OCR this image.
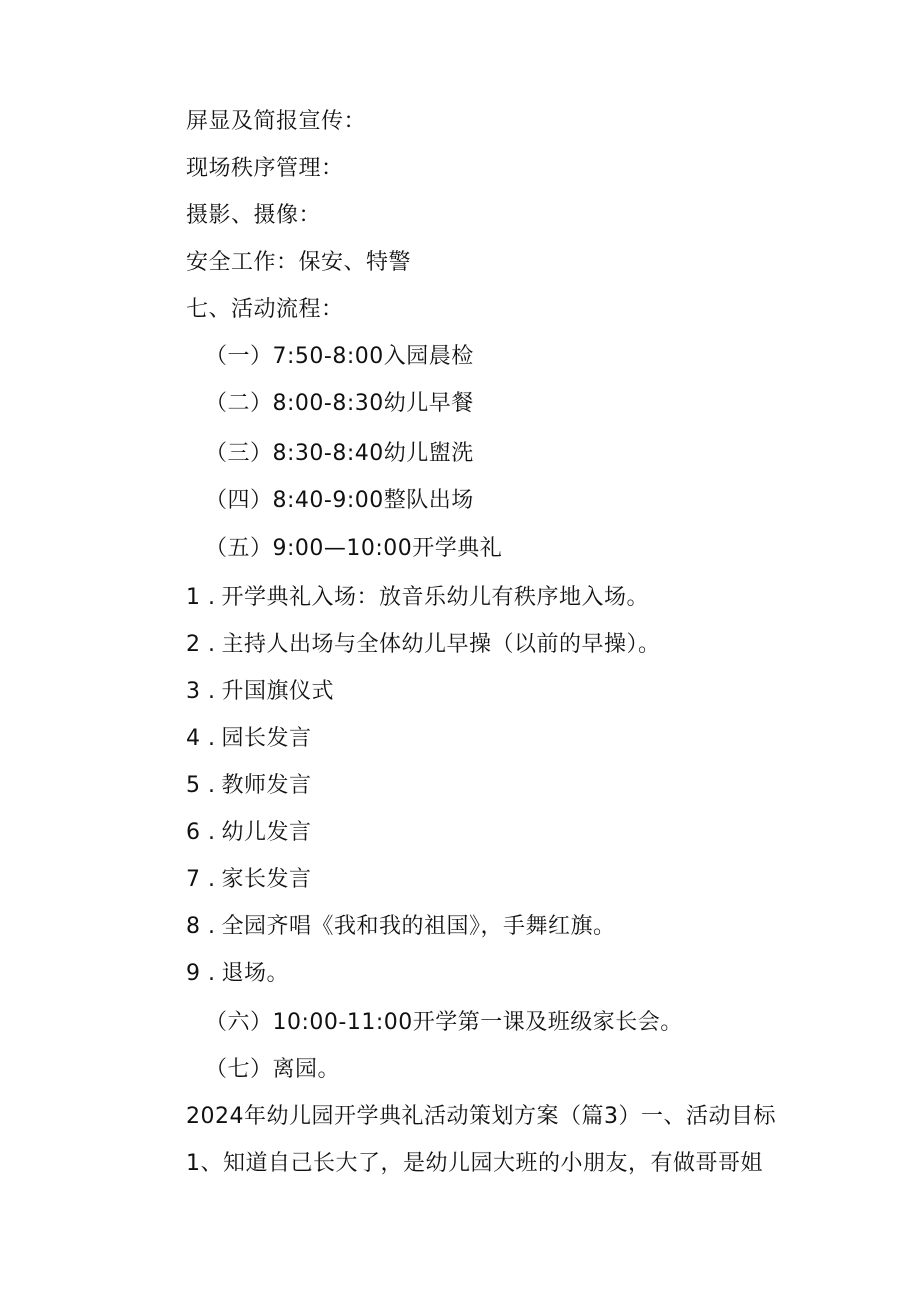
屏显及简报宣传：
现场秩序管理：
摄影、摄像：
安全工作：保安、特警
七、活动流程：
（一）7:50-8:00入园晨检
（二）8:00-8:30幼儿早餐
（三）8:30-8:40幼儿盥洗
（四）8:40-9:00整队出场
（五）9:00—10:00开学典礼
1 . 开学典礼入场：放音乐幼儿有秩序地入场。
2 . 主持人出场与全体幼儿早操（以前的早操）。
3 . 升国旗仪式
4 . 园长发言
5 . 教师发言
6 . 幼儿发言
7 . 家长发言
8 . 全园齐唱《我和我的祖国》，手舞红旗。
9 . 退场。
（六）10:00-11:00开学第一课及班级家长会。
（七）离园。
2024年幼儿园开学典礼活动策划方案（篇3）一、活动目标
1、知道自己长大了，是幼儿园大班的小朋友，有做哥哥姐
